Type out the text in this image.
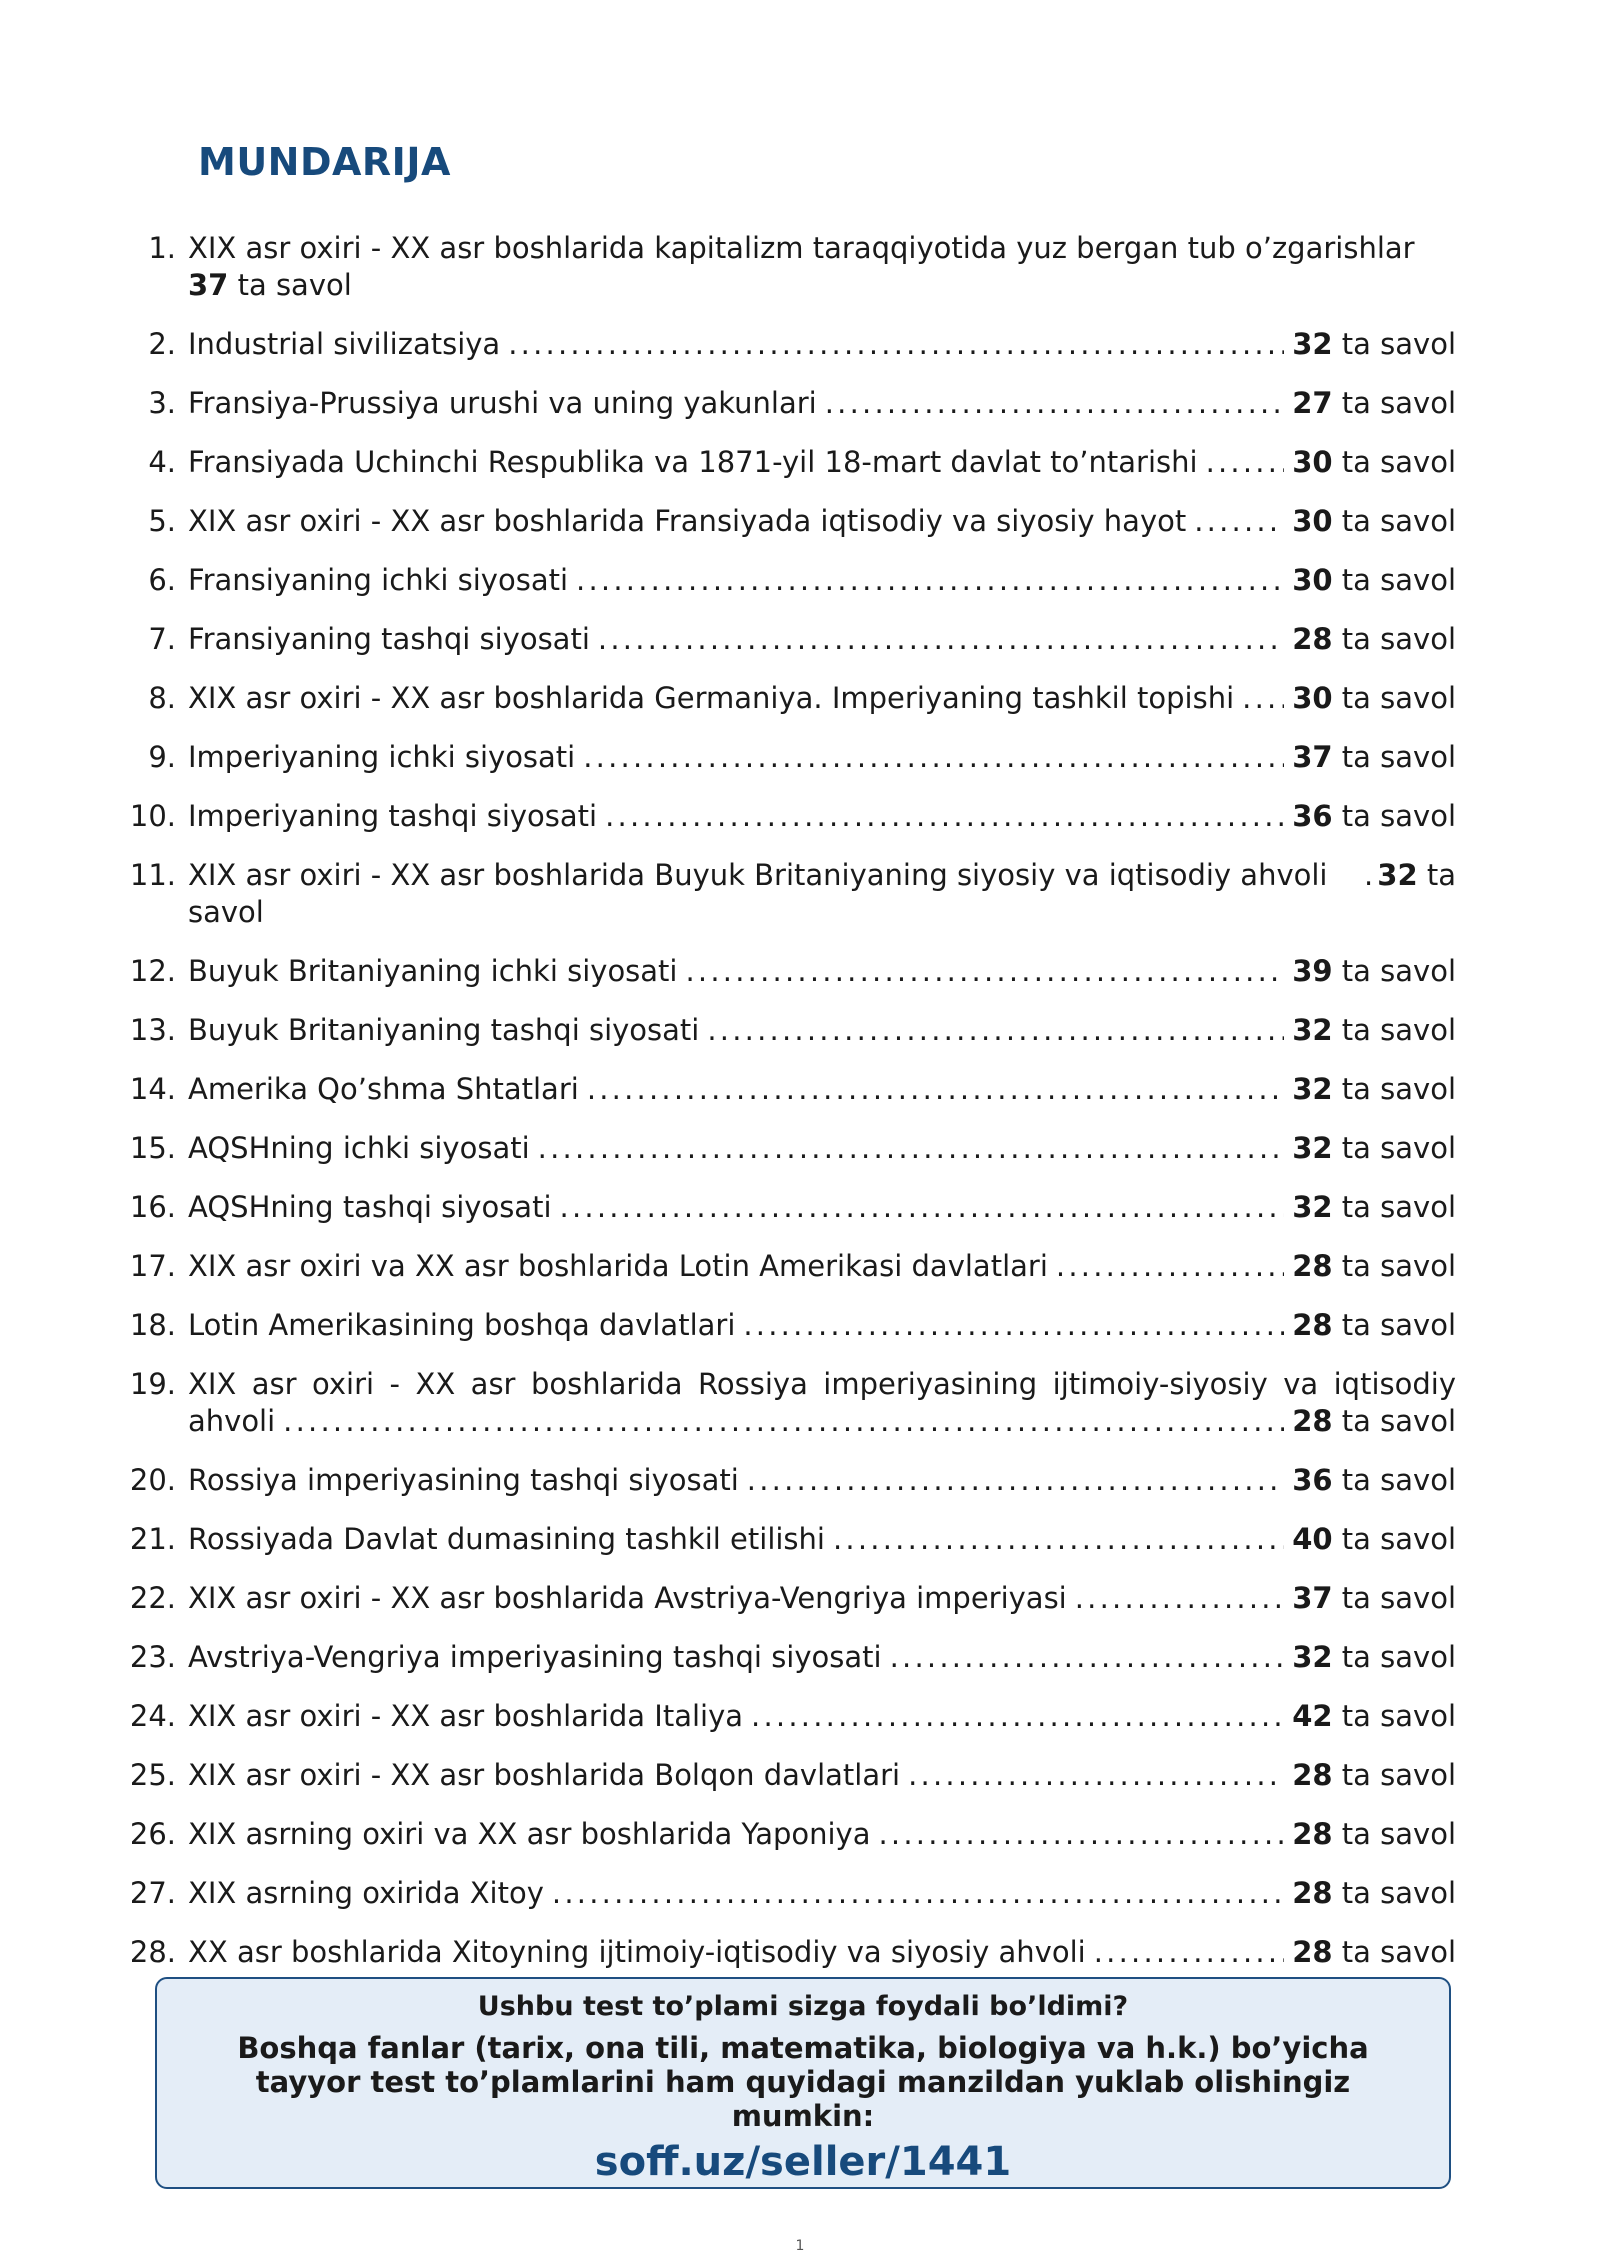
MUNDARIJA
1. XIX asr oxiri - XX asr boshlarida kapitalizm taraqqiyotida yuz bergan tub o’zgarishlar
37 ta savol
2. Industrial sivilizatsiya . . .	32 ta savol
3. Fransiya-Prussiya urushi va uning yakunlari . . .	27 ta savol
4. Fransiyada Uchinchi Respublika va 1871-yil 18-mart davlat to’ntarishi . . .	30 ta savol
5. XIX asr oxiri - XX asr boshlarida Fransiyada iqtisodiy va siyosiy hayot . . .	30 ta savol
6. Fransiyaning ichki siyosati . . .	30 ta savol
7. Fransiyaning tashqi siyosati . . .	28 ta savol
8. XIX asr oxiri - XX asr boshlarida Germaniya. Imperiyaning tashkil topishi . . . 30 ta savol
9. Imperiyaning ichki siyosati . . .	37 ta savol
10. Imperiyaning tashqi siyosati . . .	36 ta savol
11. XIX asr oxiri - XX asr boshlarida Buyuk Britaniyaning siyosiy va iqtisodiy ahvoli	. 32 ta
savol
12. Buyuk Britaniyaning ichki siyosati . . .	39 ta savol
13. Buyuk Britaniyaning tashqi siyosati . . .	32 ta savol
14. Amerika Qo’shma Shtatlari . . .	32 ta savol
15. AQSHning ichki siyosati . . .	32 ta savol
16. AQSHning tashqi siyosati . . .	32 ta savol
17. XIX asr oxiri va XX asr boshlarida Lotin Amerikasi davlatlari . . .	28 ta savol
18. Lotin Amerikasining boshqa davlatlari . . .	28 ta savol
19. XIX asr oxiri - XX asr boshlarida Rossiya imperiyasining ijtimoiy-siyosiy va iqtisodiy
ahvoli . . .	28 ta savol
20. Rossiya imperiyasining tashqi siyosati . . .	36 ta savol
21. Rossiyada Davlat dumasining tashkil etilishi . . .	40 ta savol
22. XIX asr oxiri - XX asr boshlarida Avstriya-Vengriya imperiyasi . . .	37 ta savol
23. Avstriya-Vengriya imperiyasining tashqi siyosati . . .	32 ta savol
24. XIX asr oxiri - XX asr boshlarida Italiya . . .	42 ta savol
25. XIX asr oxiri - XX asr boshlarida Bolqon davlatlari . . .	28 ta savol
26. XIX asrning oxiri va XX asr boshlarida Yaponiya . . .	28 ta savol
27. XIX asrning oxirida Xitoy . . .	28 ta savol
28. XX asr boshlarida Xitoyning ijtimoiy-iqtisodiy va siyosiy ahvoli . . .	28 ta savol
Ushbu test to’plami sizga foydali bo’ldimi?
Boshqa fanlar (tarix, ona tili, matematika, biologiya va h.k.) bo’yicha tayyor test to’plamlarini ham quyidagi manzildan yuklab olishingiz mumkin:
soff.uz/seller/1441
1
